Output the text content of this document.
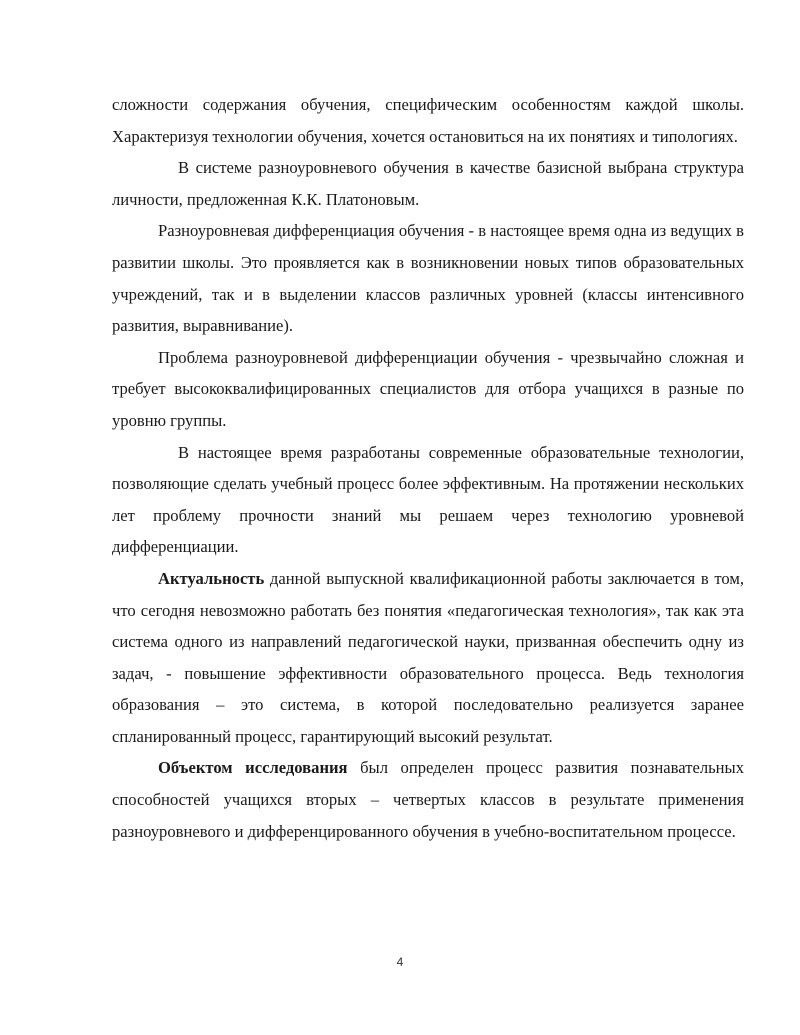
сложности содержания обучения, специфическим особенностям каждой школы. Характеризуя технологии обучения, хочется остановиться на их понятиях и типологиях.

В системе разноуровневого обучения в качестве базисной выбрана структура личности, предложенная К.К. Платоновым.

Разноуровневая дифференциация обучения - в настоящее время одна из ведущих в развитии школы. Это проявляется как в возникновении новых типов образовательных учреждений, так и в выделении классов различных уровней (классы интенсивного развития, выравнивание).

Проблема разноуровневой дифференциации обучения - чрезвычайно сложная и требует высококвалифицированных специалистов для отбора учащихся в разные по уровню группы.

В настоящее время разработаны современные образовательные технологии, позволяющие сделать учебный процесс более эффективным. На протяжении нескольких лет проблему прочности знаний мы решаем через технологию уровневой дифференциации.

Актуальность данной выпускной квалификационной работы заключается в том, что сегодня невозможно работать без понятия «педагогическая технология», так как эта система одного из направлений педагогической науки, призванная обеспечить одну из задач, - повышение эффективности образовательного процесса. Ведь технология образования – это система, в которой последовательно реализуется заранее спланированный процесс, гарантирующий высокий результат.

Объектом исследования был определен процесс развития познавательных способностей учащихся вторых – четвертых классов в результате применения разноуровневого и дифференцированного обучения в учебно-воспитательном процессе.

4
